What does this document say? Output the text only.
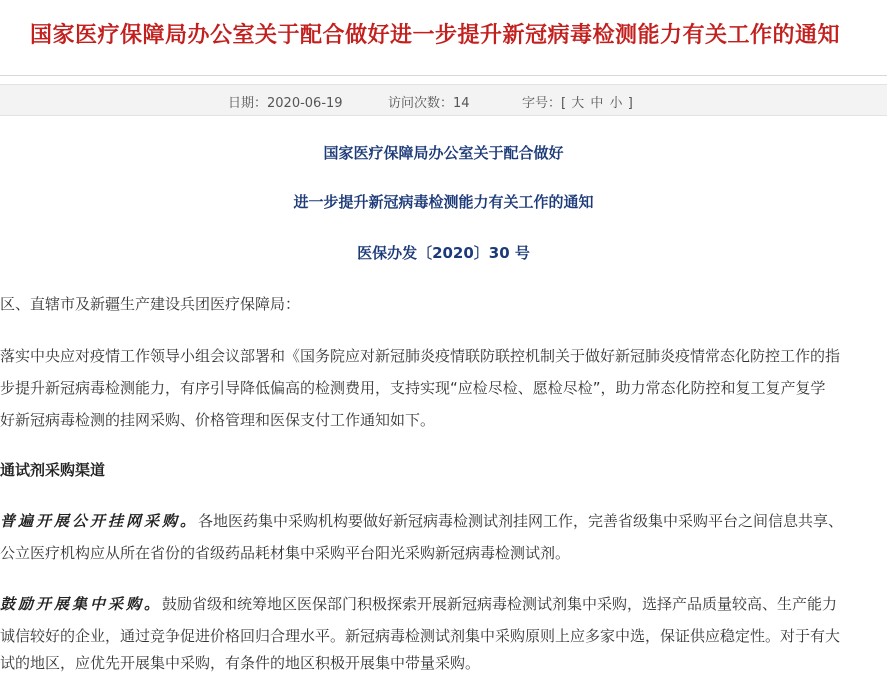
国家医疗保障局办公室关于配合做好进一步提升新冠病毒检测能力有关工作的通知
日期：2020-06-19	访问次数：14	字号：[ 大 中 小 ]
国家医疗保障局办公室关于配合做好
进一步提升新冠病毒检测能力有关工作的通知
医保办发〔2020〕30 号
区、直辖市及新疆生产建设兵团医疗保障局：
落实中央应对疫情工作领导小组会议部署和《国务院应对新冠肺炎疫情联防联控机制关于做好新冠肺炎疫情常态化防控工作的指
步提升新冠病毒检测能力，有序引导降低偏高的检测费用，支持实现“应检尽检、愿检尽检”，助力常态化防控和复工复产复学
好新冠病毒检测的挂网采购、价格管理和医保支付工作通知如下。
通试剂采购渠道
普遍开展公开挂网采购。各地医药集中采购机构要做好新冠病毒检测试剂挂网工作，完善省级集中采购平台之间信息共享、
公立医疗机构应从所在省份的省级药品耗材集中采购平台阳光采购新冠病毒检测试剂。
鼓励开展集中采购。鼓励省级和统筹地区医保部门积极探索开展新冠病毒检测试剂集中采购，选择产品质量较高、生产能力
诚信较好的企业，通过竞争促进价格回归合理水平。新冠病毒检测试剂集中采购原则上应多家中选，保证供应稳定性。对于有大
试的地区，应优先开展集中采购，有条件的地区积极开展集中带量采购。
